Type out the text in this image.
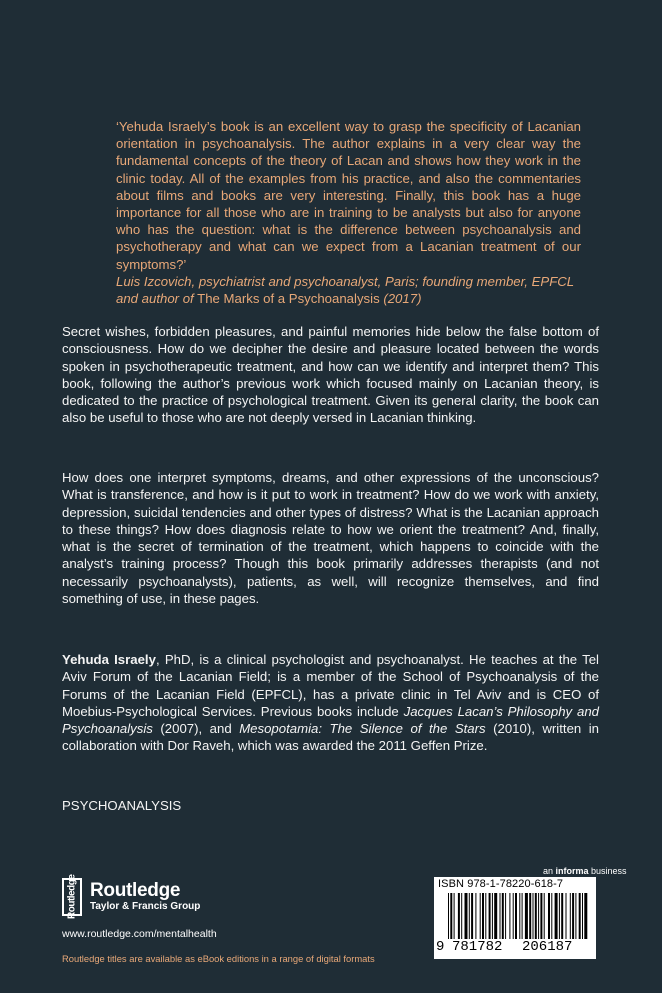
‘Yehuda Israely’s book is an excellent way to grasp the specificity of Lacanian orientation in psychoanalysis. The author explains in a very clear way the fundamental concepts of the theory of Lacan and shows how they work in the clinic today. All of the examples from his practice, and also the commentaries about films and books are very interesting. Finally, this book has a huge importance for all those who are in training to be analysts but also for anyone who has the question: what is the difference between psychoanalysis and psychotherapy and what can we expect from a Lacanian treatment of our symptoms?’

Luis Izcovich, psychiatrist and psychoanalyst, Paris; founding member, EPFCL and author of The Marks of a Psychoanalysis (2017)
Secret wishes, forbidden pleasures, and painful memories hide below the false bottom of consciousness. How do we decipher the desire and pleasure located between the words spoken in psychotherapeutic treatment, and how can we identify and interpret them? This book, following the author’s previous work which focused mainly on Lacanian theory, is dedicated to the practice of psychological treatment. Given its general clarity, the book can also be useful to those who are not deeply versed in Lacanian thinking.
How does one interpret symptoms, dreams, and other expressions of the unconscious? What is transference, and how is it put to work in treatment? How do we work with anxiety, depression, suicidal tendencies and other types of distress? What is the Lacanian approach to these things? How does diagnosis relate to how we orient the treatment? And, finally, what is the secret of termination of the treatment, which happens to coincide with the analyst’s training process? Though this book primarily addresses therapists (and not necessarily psychoanalysts), patients, as well, will recognize themselves, and find something of use, in these pages.
Yehuda Israely, PhD, is a clinical psychologist and psychoanalyst. He teaches at the Tel Aviv Forum of the Lacanian Field; is a member of the School of Psychoanalysis of the Forums of the Lacanian Field (EPFCL), has a private clinic in Tel Aviv and is CEO of Moebius-Psychological Services. Previous books include Jacques Lacan’s Philosophy and Psychoanalysis (2007), and Mesopotamia: The Silence of the Stars (2010), written in collaboration with Dor Raveh, which was awarded the 2011 Geffen Prize.
PSYCHOANALYSIS
an informa business
Routledge Routledge
Taylor & Francis Group
www.routledge.com/mentalhealth
Routledge titles are available as eBook editions in a range of digital formats
ISBN 978-1-78220-618-7
9 781782 206187
